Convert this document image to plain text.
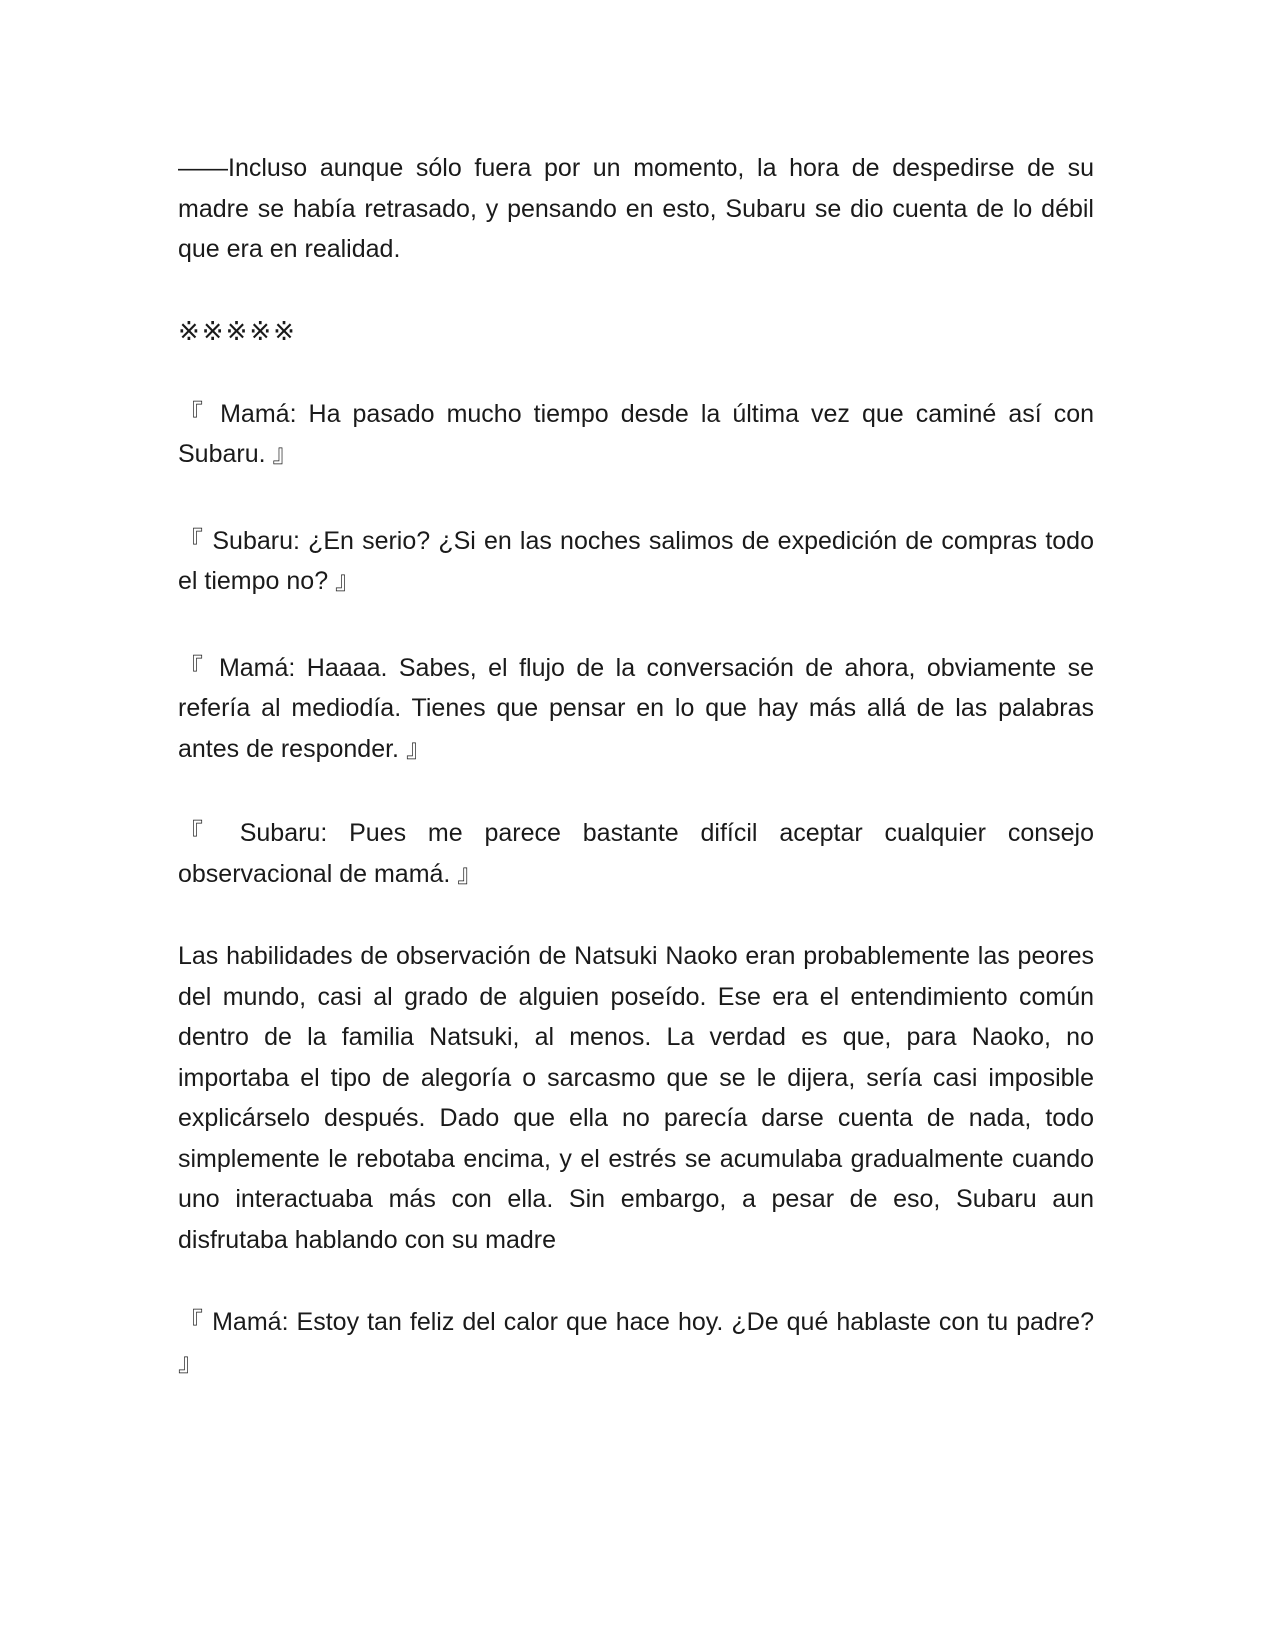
——Incluso aunque sólo fuera por un momento, la hora de despedirse de su madre se había retrasado, y pensando en esto, Subaru se dio cuenta de lo débil que era en realidad.

※※※※※

『 Mamá: Ha pasado mucho tiempo desde la última vez que caminé así con Subaru. 』

『 Subaru: ¿En serio? ¿Si en las noches salimos de expedición de compras todo el tiempo no? 』

『 Mamá: Haaaa. Sabes, el flujo de la conversación de ahora, obviamente se refería al mediodía. Tienes que pensar en lo que hay más allá de las palabras antes de responder. 』

『 Subaru: Pues me parece bastante difícil aceptar cualquier consejo observacional de mamá. 』

Las habilidades de observación de Natsuki Naoko eran probablemente las peores del mundo, casi al grado de alguien poseído. Ese era el entendimiento común dentro de la familia Natsuki, al menos. La verdad es que, para Naoko, no importaba el tipo de alegoría o sarcasmo que se le dijera, sería casi imposible explicárselo después. Dado que ella no parecía darse cuenta de nada, todo simplemente le rebotaba encima, y el estrés se acumulaba gradualmente cuando uno interactuaba más con ella. Sin embargo, a pesar de eso, Subaru aun disfrutaba hablando con su madre

『 Mamá: Estoy tan feliz del calor que hace hoy. ¿De qué hablaste con tu padre? 』
